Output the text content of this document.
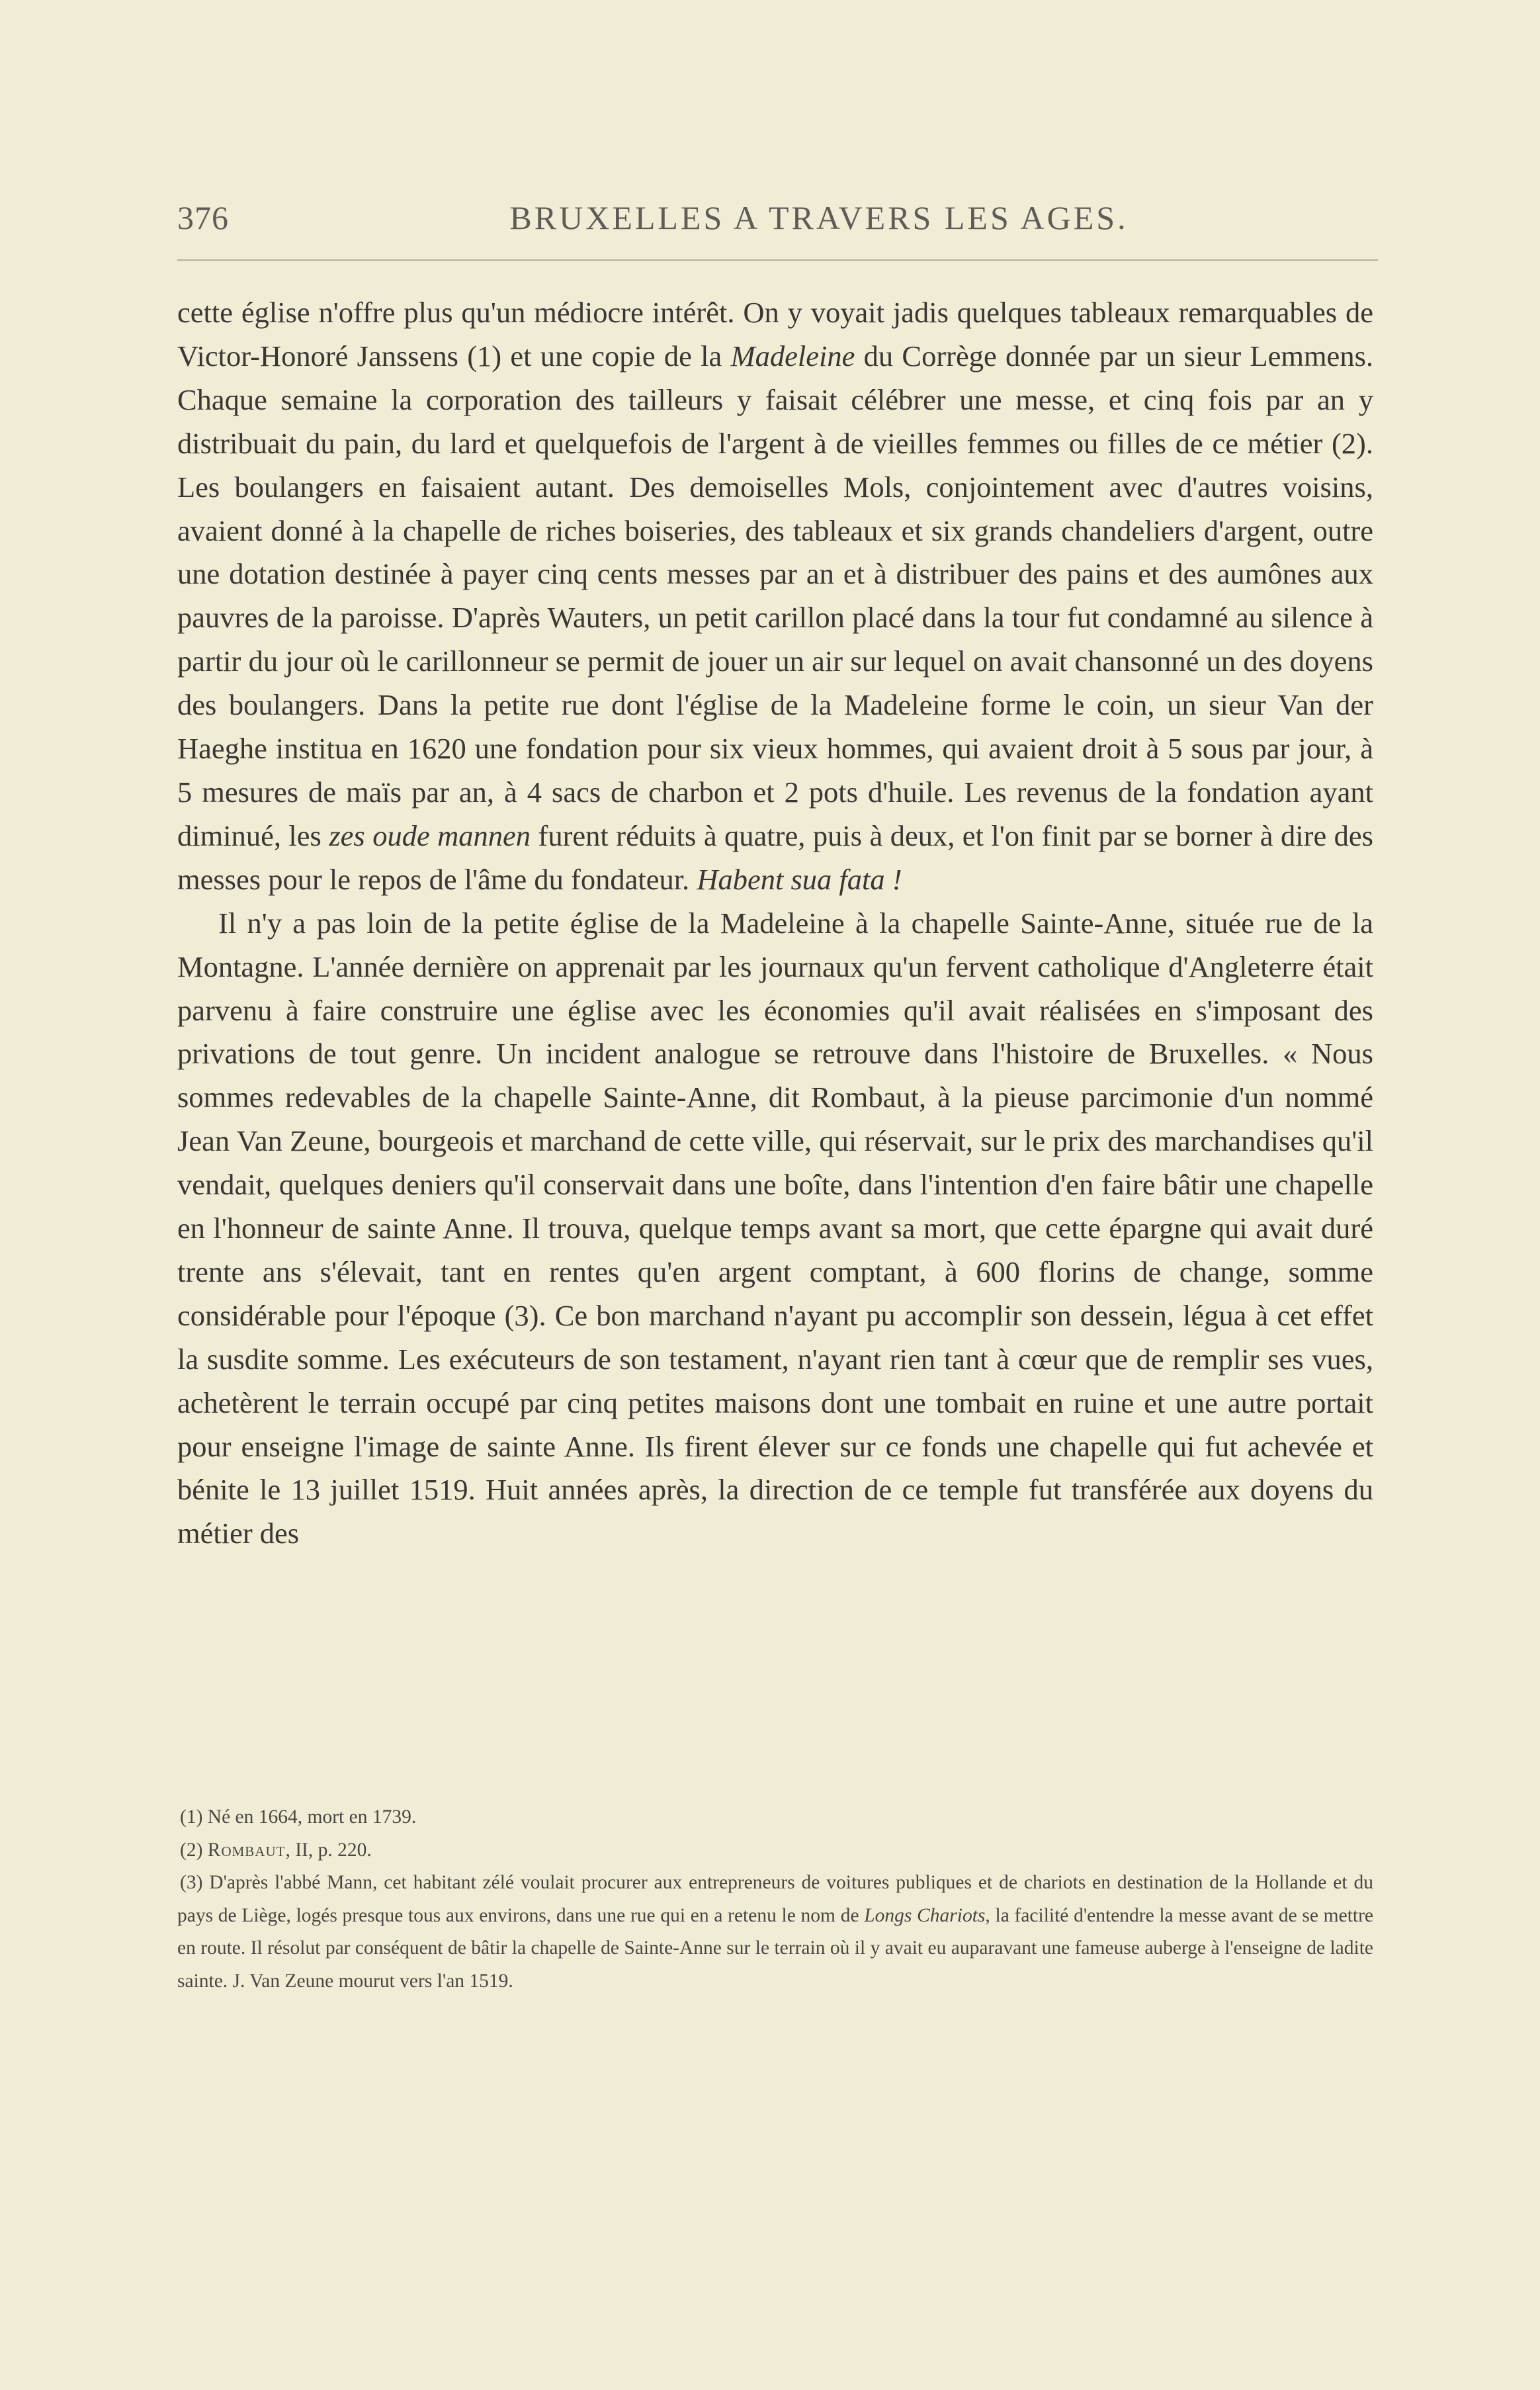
376	BRUXELLES A TRAVERS LES AGES.

cette église n'offre plus qu'un médiocre intérêt. On y voyait jadis quelques tableaux remarquables de Victor-Honoré Janssens (1) et une copie de la Madeleine du Corrège donnée par un sieur Lemmens. Chaque semaine la corporation des tailleurs y faisait célébrer une messe, et cinq fois par an y distribuait du pain, du lard et quelquefois de l'argent à de vieilles femmes ou filles de ce métier (2). Les boulangers en faisaient autant. Des demoiselles Mols, conjointement avec d'autres voisins, avaient donné à la chapelle de riches boiseries, des tableaux et six grands chandeliers d'argent, outre une dotation destinée à payer cinq cents messes par an et à distribuer des pains et des aumônes aux pauvres de la paroisse. D'après Wauters, un petit carillon placé dans la tour fut condamné au silence à partir du jour où le carillonneur se permit de jouer un air sur lequel on avait chansonné un des doyens des boulangers. Dans la petite rue dont l'église de la Madeleine forme le coin, un sieur Van der Haeghe institua en 1620 une fondation pour six vieux hommes, qui avaient droit à 5 sous par jour, à 5 mesures de maïs par an, à 4 sacs de charbon et 2 pots d'huile. Les revenus de la fondation ayant diminué, les zes oude mannen furent réduits à quatre, puis à deux, et l'on finit par se borner à dire des messes pour le repos de l'âme du fondateur. Habent sua fata !

Il n'y a pas loin de la petite église de la Madeleine à la chapelle Sainte-Anne, située rue de la Montagne. L'année dernière on apprenait par les journaux qu'un fervent catholique d'Angleterre était parvenu à faire construire une église avec les économies qu'il avait réalisées en s'imposant des privations de tout genre. Un incident analogue se retrouve dans l'histoire de Bruxelles. « Nous sommes redevables de la chapelle Sainte-Anne, dit Rombaut, à la pieuse parcimonie d'un nommé Jean Van Zeune, bourgeois et marchand de cette ville, qui réservait, sur le prix des marchandises qu'il vendait, quelques deniers qu'il conservait dans une boîte, dans l'intention d'en faire bâtir une chapelle en l'honneur de sainte Anne. Il trouva, quelque temps avant sa mort, que cette épargne qui avait duré trente ans s'élevait, tant en rentes qu'en argent comptant, à 600 florins de change, somme considérable pour l'époque (3). Ce bon marchand n'ayant pu accomplir son dessein, légua à cet effet la susdite somme. Les exécuteurs de son testament, n'ayant rien tant à cœur que de remplir ses vues, achetèrent le terrain occupé par cinq petites maisons dont une tombait en ruine et une autre portait pour enseigne l'image de sainte Anne. Ils firent élever sur ce fonds une chapelle qui fut achevée et bénite le 13 juillet 1519. Huit années après, la direction de ce temple fut transférée aux doyens du métier des

(1) Né en 1664, mort en 1739.

(2) Rombaut, II, p. 220.

(3) D'après l'abbé Mann, cet habitant zélé voulait procurer aux entrepreneurs de voitures publiques et de chariots en destination de la Hollande et du pays de Liège, logés presque tous aux environs, dans une rue qui en a retenu le nom de Longs Chariots, la facilité d'entendre la messe avant de se mettre en route. Il résolut par conséquent de bâtir la chapelle de Sainte-Anne sur le terrain où il y avait eu auparavant une fameuse auberge à l'enseigne de ladite sainte. J. Van Zeune mourut vers l'an 1519.
